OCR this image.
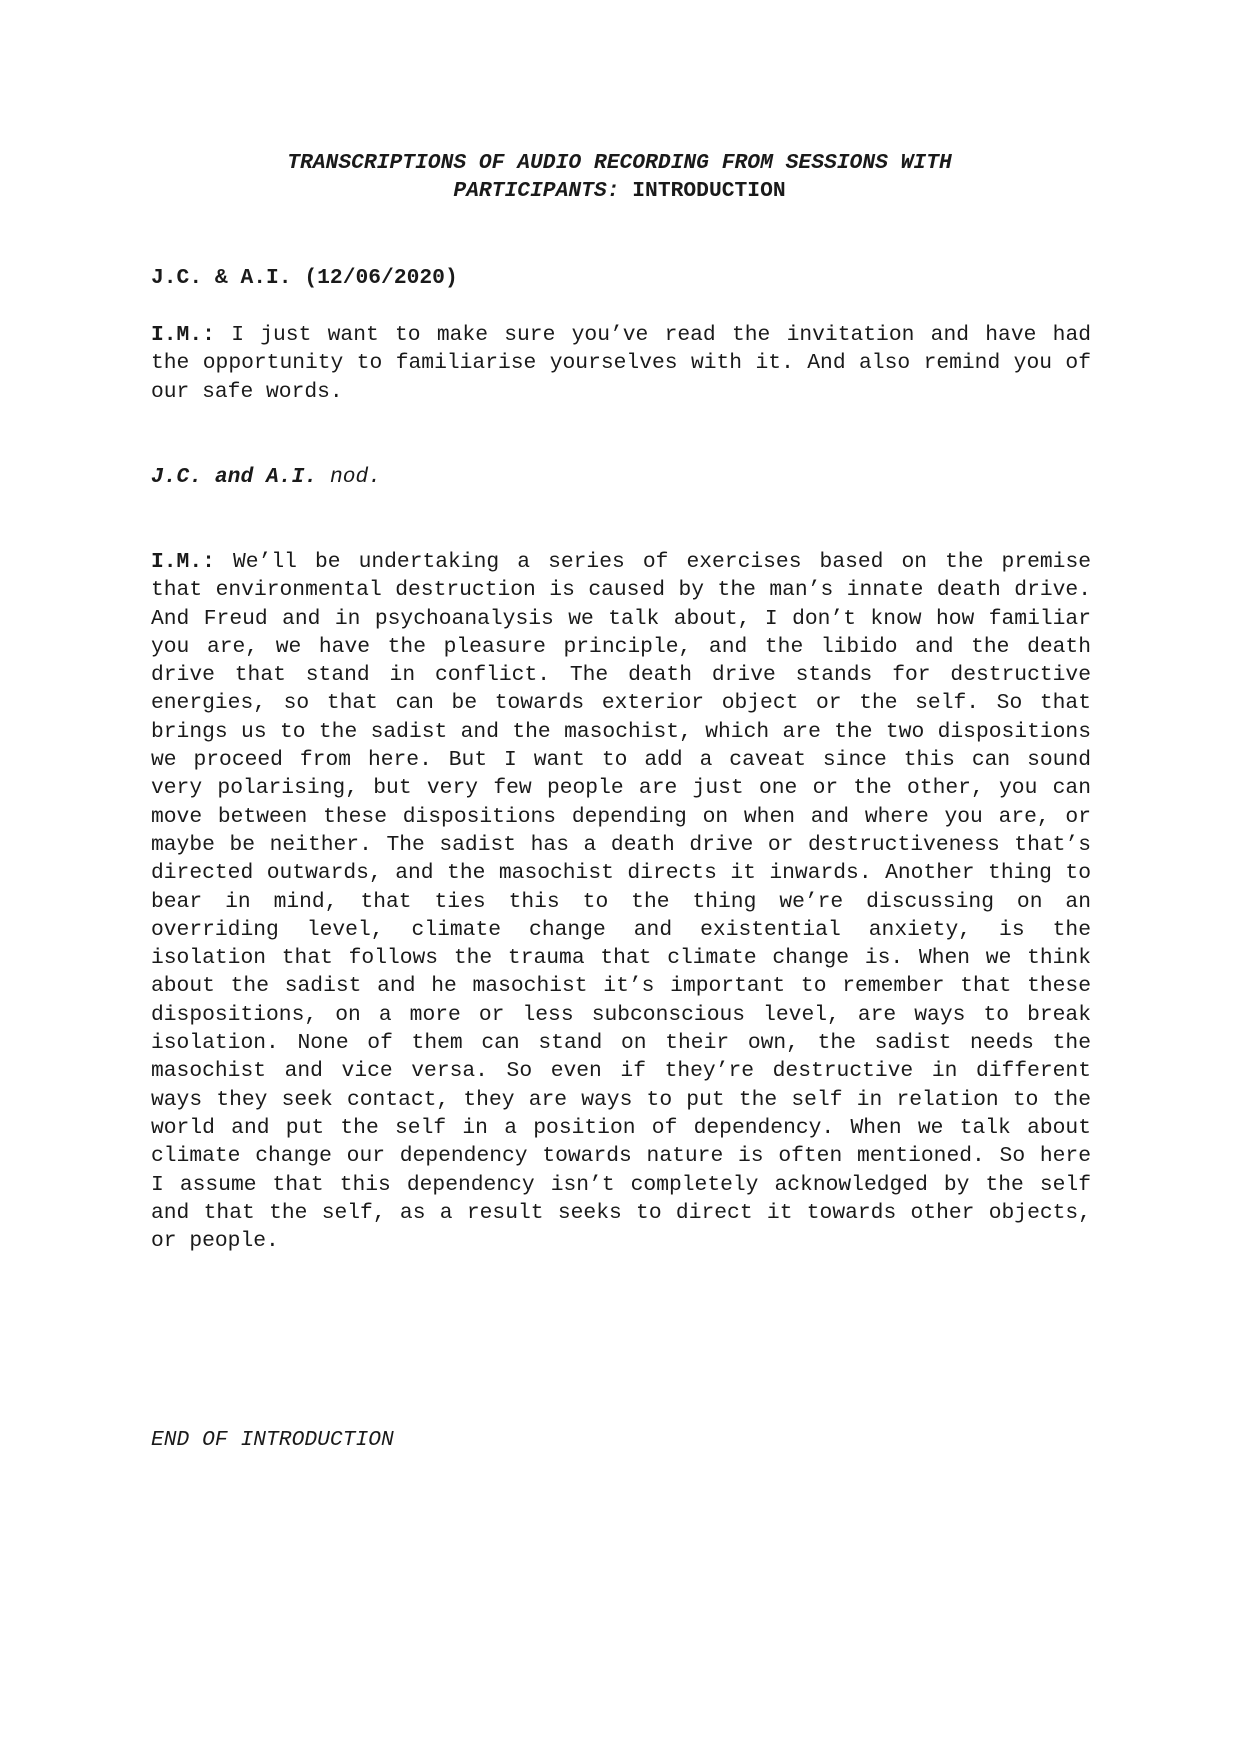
TRANSCRIPTIONS OF AUDIO RECORDING FROM SESSIONS WITH
PARTICIPANTS: INTRODUCTION
J.C. & A.I. (12/06/2020)

I.M.: I just want to make sure you’ve read the invitation and have had the opportunity to familiarise yourselves with it. And also remind you of our safe words.

J.C. and A.I. nod.

I.M.: We’ll be undertaking a series of exercises based on the premise that environmental destruction is caused by the man’s innate death drive. And Freud and in psychoanalysis we talk about, I don’t know how familiar you are, we have the pleasure principle, and the libido and the death drive that stand in conflict. The death drive stands for destructive energies, so that can be towards exterior object or the self. So that brings us to the sadist and the masochist, which are the two dispositions we proceed from here. But I want to add a caveat since this can sound very polarising, but very few people are just one or the other, you can move between these dispositions depending on when and where you are, or maybe be neither. The sadist has a death drive or destructiveness that’s directed outwards, and the masochist directs it inwards. Another thing to bear in mind, that ties this to the thing we’re discussing on an overriding level, climate change and existential anxiety, is the isolation that follows the trauma that climate change is. When we think about the sadist and he masochist it’s important to remember that these dispositions, on a more or less subconscious level, are ways to break isolation. None of them can stand on their own, the sadist needs the masochist and vice versa. So even if they’re destructive in different ways they seek contact, they are ways to put the self in relation to the world and put the self in a position of dependency. When we talk about climate change our dependency towards nature is often mentioned. So here I assume that this dependency isn’t completely acknowledged by the self and that the self, as a result seeks to direct it towards other objects, or people.

END OF INTRODUCTION
